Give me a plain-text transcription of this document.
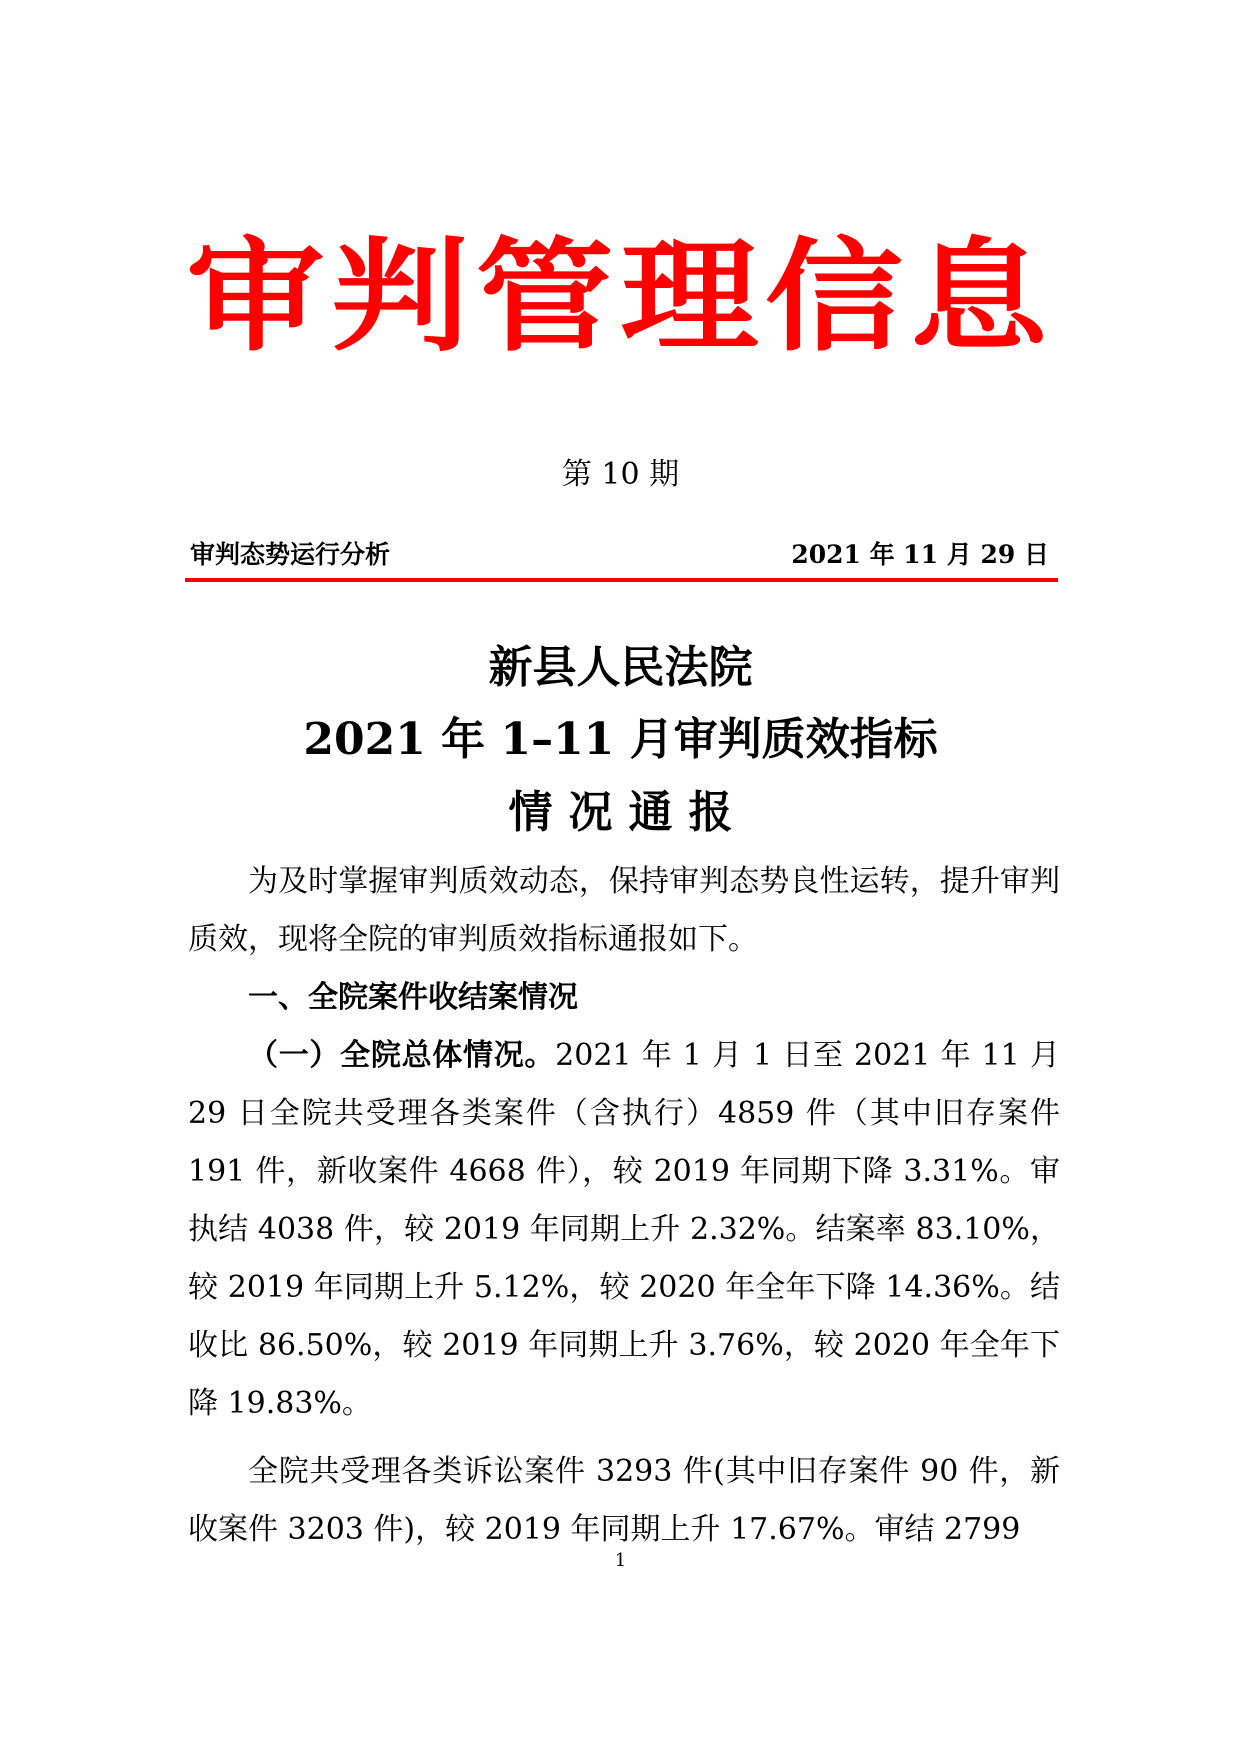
审判管理信息
第 10 期
审判态势运行分析	2021 年 11 月 29 日
新县人民法院
2021 年 1–11 月审判质效指标
情况通报

为及时掌握审判质效动态，保持审判态势良性运转，提升审判质效，现将全院的审判质效指标通报如下。

一、全院案件收结案情况

（一）全院总体情况。2021 年 1 月 1 日至 2021 年 11 月 29 日全院共受理各类案件（含执行）4859 件（其中旧存案件 191 件，新收案件 4668 件），较 2019 年同期下降 3.31%。审执结 4038 件，较 2019 年同期上升 2.32%。结案率 83.10%，较 2019 年同期上升 5.12%，较 2020 年全年下降 14.36%。结收比 86.50%，较 2019 年同期上升 3.76%，较 2020 年全年下降 19.83%。

全院共受理各类诉讼案件 3293 件(其中旧存案件 90 件，新收案件 3203 件)，较 2019 年同期上升 17.67%。审结 2799

1
